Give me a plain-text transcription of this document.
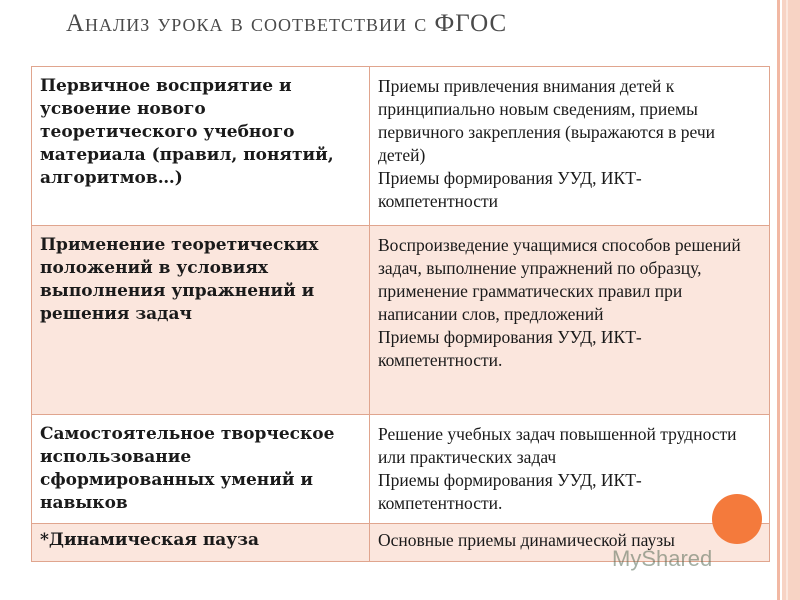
Анализ урока в соответствии с ФГОС
Первичное восприятие и усвоение нового теоретического учебного материала (правил, понятий, алгоритмов…)	Приемы привлечения внимания детей к принципиально новым сведениям, приемы первичного закрепления (выражаются в речи детей)
Приемы формирования УУД, ИКТ-компетентности

Применение теоретических положений в условиях выполнения упражнений и решения задач	Воспроизведение учащимися способов решений задач, выполнение упражнений по образцу, применение грамматических правил при написании слов, предложений
Приемы формирования УУД, ИКТ-компетентности.

Самостоятельное творческое использование сформированных умений и навыков	Решение учебных задач повышенной трудности или практических задач
Приемы формирования УУД, ИКТ-компетентности.

*Динамическая пауза	Основные приемы динамической паузы
MyShared
